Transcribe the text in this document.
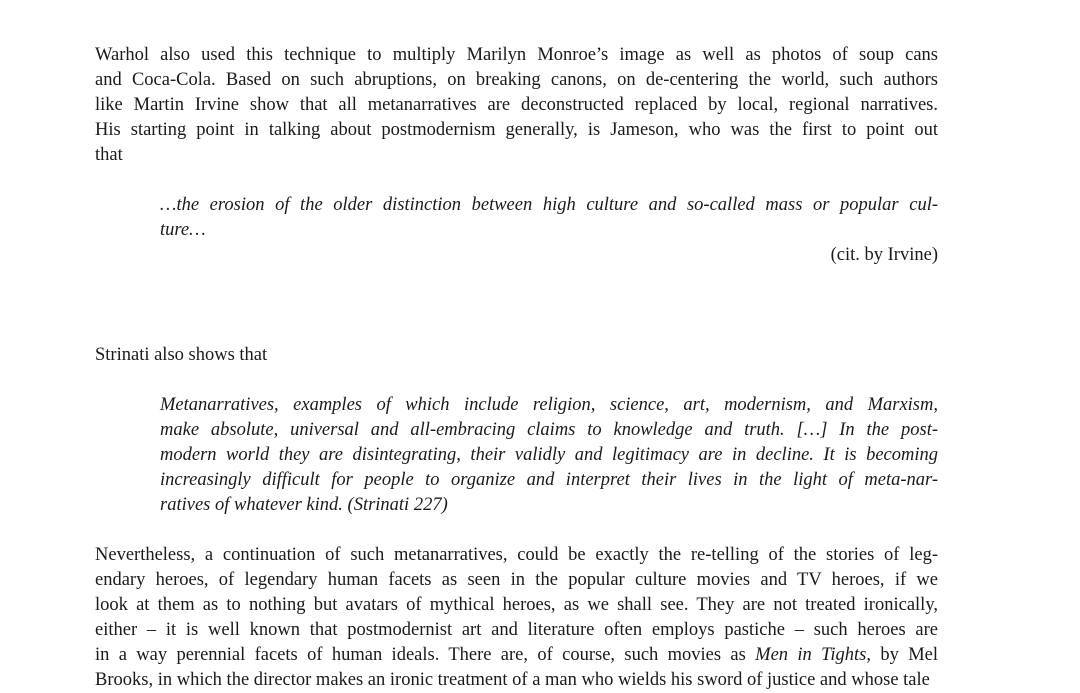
Warhol also used this technique to multiply Marilyn Monroe’s image as well as photos of soup cans
and Coca-Cola. Based on such abruptions, on breaking canons, on de-centering the world, such authors
like Martin Irvine show that all metanarratives are deconstructed replaced by local, regional narratives.
His starting point in talking about postmodernism generally, is Jameson, who was the first to point out
that

…the erosion of the older distinction between high culture and so-called mass or popular cul-
ture…
(cit. by Irvine)

Strinati also shows that

Metanarratives, examples of which include religion, science, art, modernism, and Marxism,
make absolute, universal and all-embracing claims to knowledge and truth. […] In the post-
modern world they are disintegrating, their validly and legitimacy are in decline. It is becoming
increasingly difficult for people to organize and interpret their lives in the light of meta-nar-
ratives of whatever kind. (Strinati 227)

Nevertheless, a continuation of such metanarratives, could be exactly the re-telling of the stories of leg-
endary heroes, of legendary human facets as seen in the popular culture movies and TV heroes, if we
look at them as to nothing but avatars of mythical heroes, as we shall see. They are not treated ironically,
either – it is well known that postmodernist art and literature often employs pastiche – such heroes are
in a way perennial facets of human ideals. There are, of course, such movies as Men in Tights, by Mel
Brooks, in which the director makes an ironic treatment of a man who wields his sword of justice and whose tale
